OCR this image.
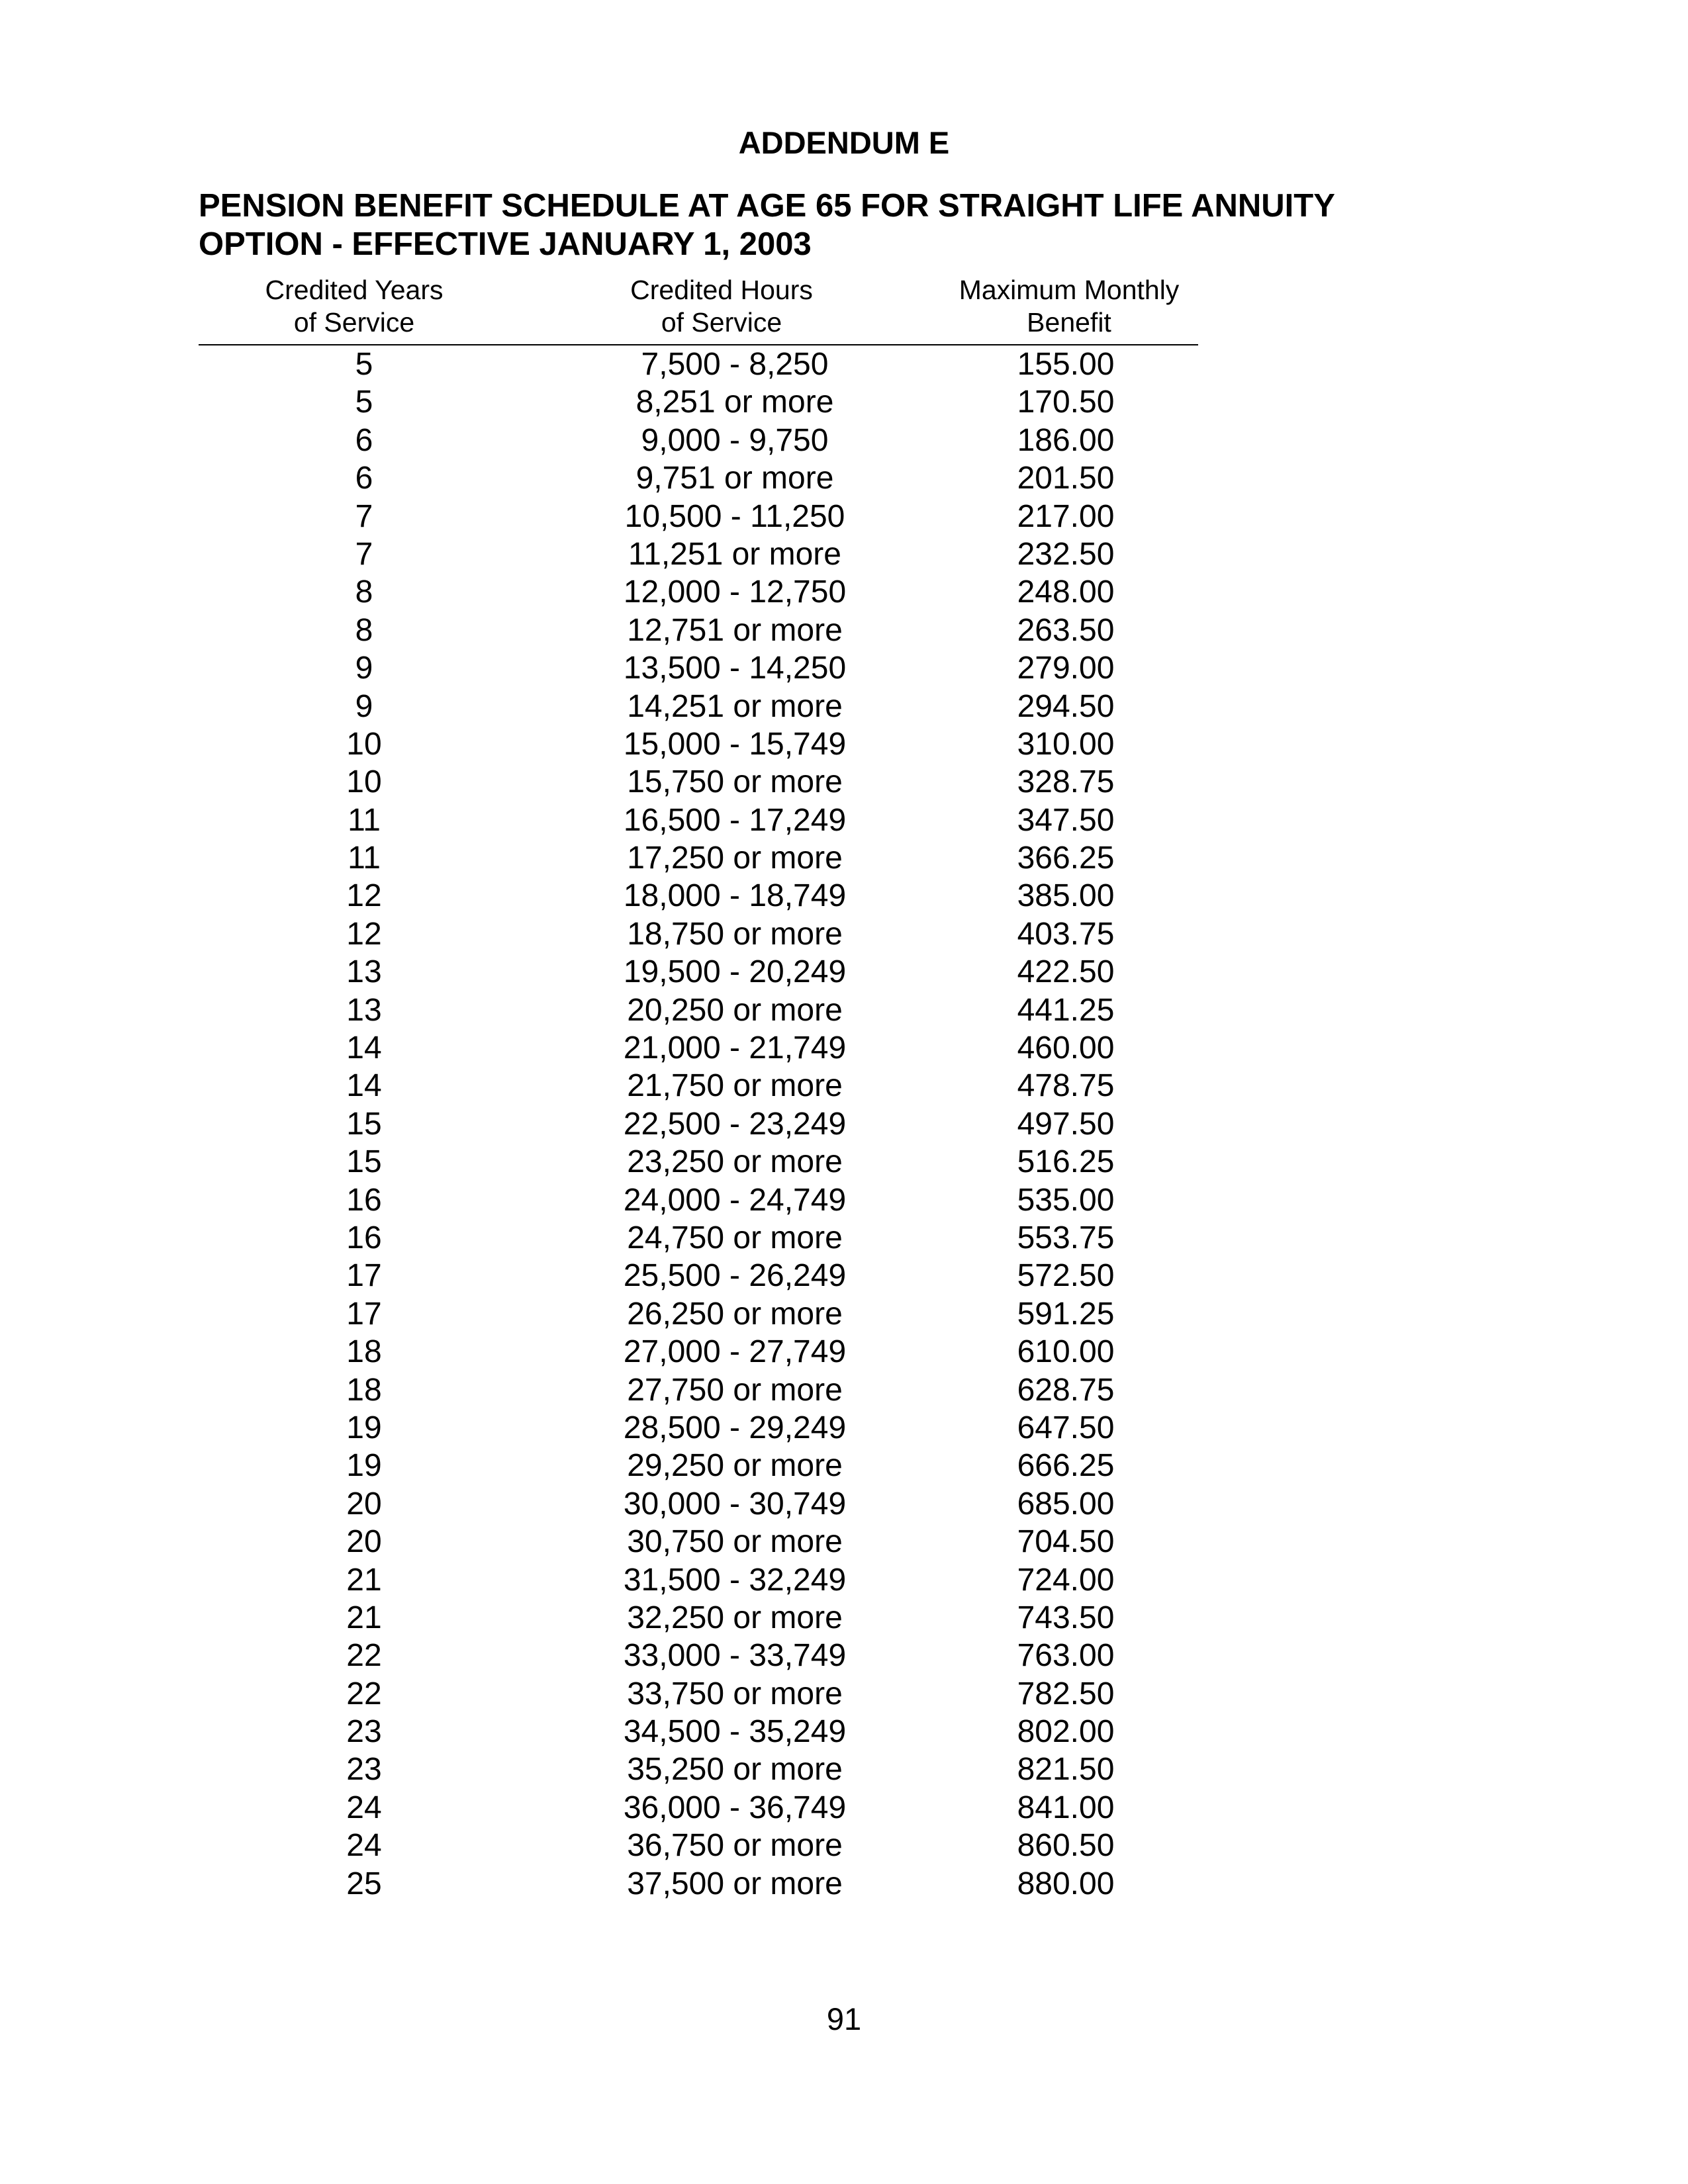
ADDENDUM E
PENSION BENEFIT SCHEDULE AT AGE 65 FOR STRAIGHT LIFE ANNUITY
OPTION - EFFECTIVE JANUARY 1, 2003
Credited Years
of Service
Credited Hours
of Service
Maximum Monthly
Benefit
5	7,500 - 8,250	155.00
5	8,251 or more	170.50
6	9,000 - 9,750	186.00
6	9,751 or more	201.50
7	10,500 - 11,250	217.00
7	11,251 or more	232.50
8	12,000 - 12,750	248.00
8	12,751 or more	263.50
9	13,500 - 14,250	279.00
9	14,251 or more	294.50
10	15,000 - 15,749	310.00
10	15,750 or more	328.75
11	16,500 - 17,249	347.50
11	17,250 or more	366.25
12	18,000 - 18,749	385.00
12	18,750 or more	403.75
13	19,500 - 20,249	422.50
13	20,250 or more	441.25
14	21,000 - 21,749	460.00
14	21,750 or more	478.75
15	22,500 - 23,249	497.50
15	23,250 or more	516.25
16	24,000 - 24,749	535.00
16	24,750 or more	553.75
17	25,500 - 26,249	572.50
17	26,250 or more	591.25
18	27,000 - 27,749	610.00
18	27,750 or more	628.75
19	28,500 - 29,249	647.50
19	29,250 or more	666.25
20	30,000 - 30,749	685.00
20	30,750 or more	704.50
21	31,500 - 32,249	724.00
21	32,250 or more	743.50
22	33,000 - 33,749	763.00
22	33,750 or more	782.50
23	34,500 - 35,249	802.00
23	35,250 or more	821.50
24	36,000 - 36,749	841.00
24	36,750 or more	860.50
25	37,500 or more	880.00
91
